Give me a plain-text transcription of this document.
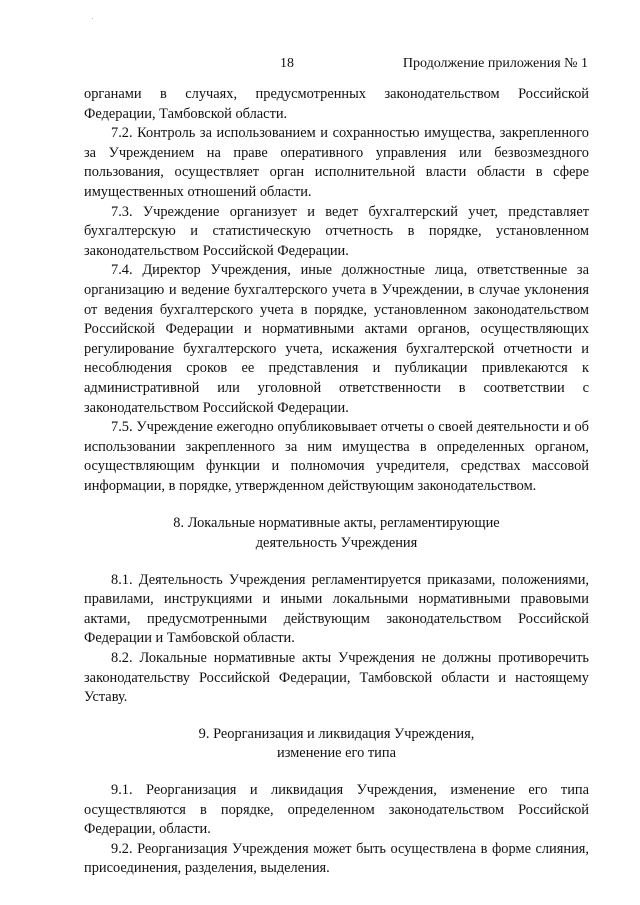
18	Продолжение приложения № 1

органами в случаях, предусмотренных законодательством Российской Федерации, Тамбовской области.

7.2. Контроль за использованием и сохранностью имущества, закрепленного за Учреждением на праве оперативного управления или безвозмездного пользования, осуществляет орган исполнительной власти области в сфере имущественных отношений области.

7.3. Учреждение организует и ведет бухгалтерский учет, представляет бухгалтерскую и статистическую отчетность в порядке, установленном законодательством Российской Федерации.

7.4. Директор Учреждения, иные должностные лица, ответственные за организацию и ведение бухгалтерского учета в Учреждении, в случае уклонения от ведения бухгалтерского учета в порядке, установленном законодательством Российской Федерации и нормативными актами органов, осуществляющих регулирование бухгалтерского учета, искажения бухгалтерской отчетности и несоблюдения сроков ее представления и публикации привлекаются к административной или уголовной ответственности в соответствии с законодательством Российской Федерации.

7.5. Учреждение ежегодно опубликовывает отчеты о своей деятельности и об использовании закрепленного за ним имущества в определенных органом, осуществляющим функции и полномочия учредителя, средствах массовой информации, в порядке, утвержденном действующим законодательством.

8. Локальные нормативные акты, регламентирующие
деятельность Учреждения

8.1. Деятельность Учреждения регламентируется приказами, положениями, правилами, инструкциями и иными локальными нормативными правовыми актами, предусмотренными действующим законодательством Российской Федерации и Тамбовской области.

8.2. Локальные нормативные акты Учреждения не должны противоречить законодательству Российской Федерации, Тамбовской области и настоящему Уставу.

9. Реорганизация и ликвидация Учреждения,
изменение его типа

9.1. Реорганизация и ликвидация Учреждения, изменение его типа осуществляются в порядке, определенном законодательством Российской Федерации, области.

9.2. Реорганизация Учреждения может быть осуществлена в форме слияния, присоединения, разделения, выделения.
